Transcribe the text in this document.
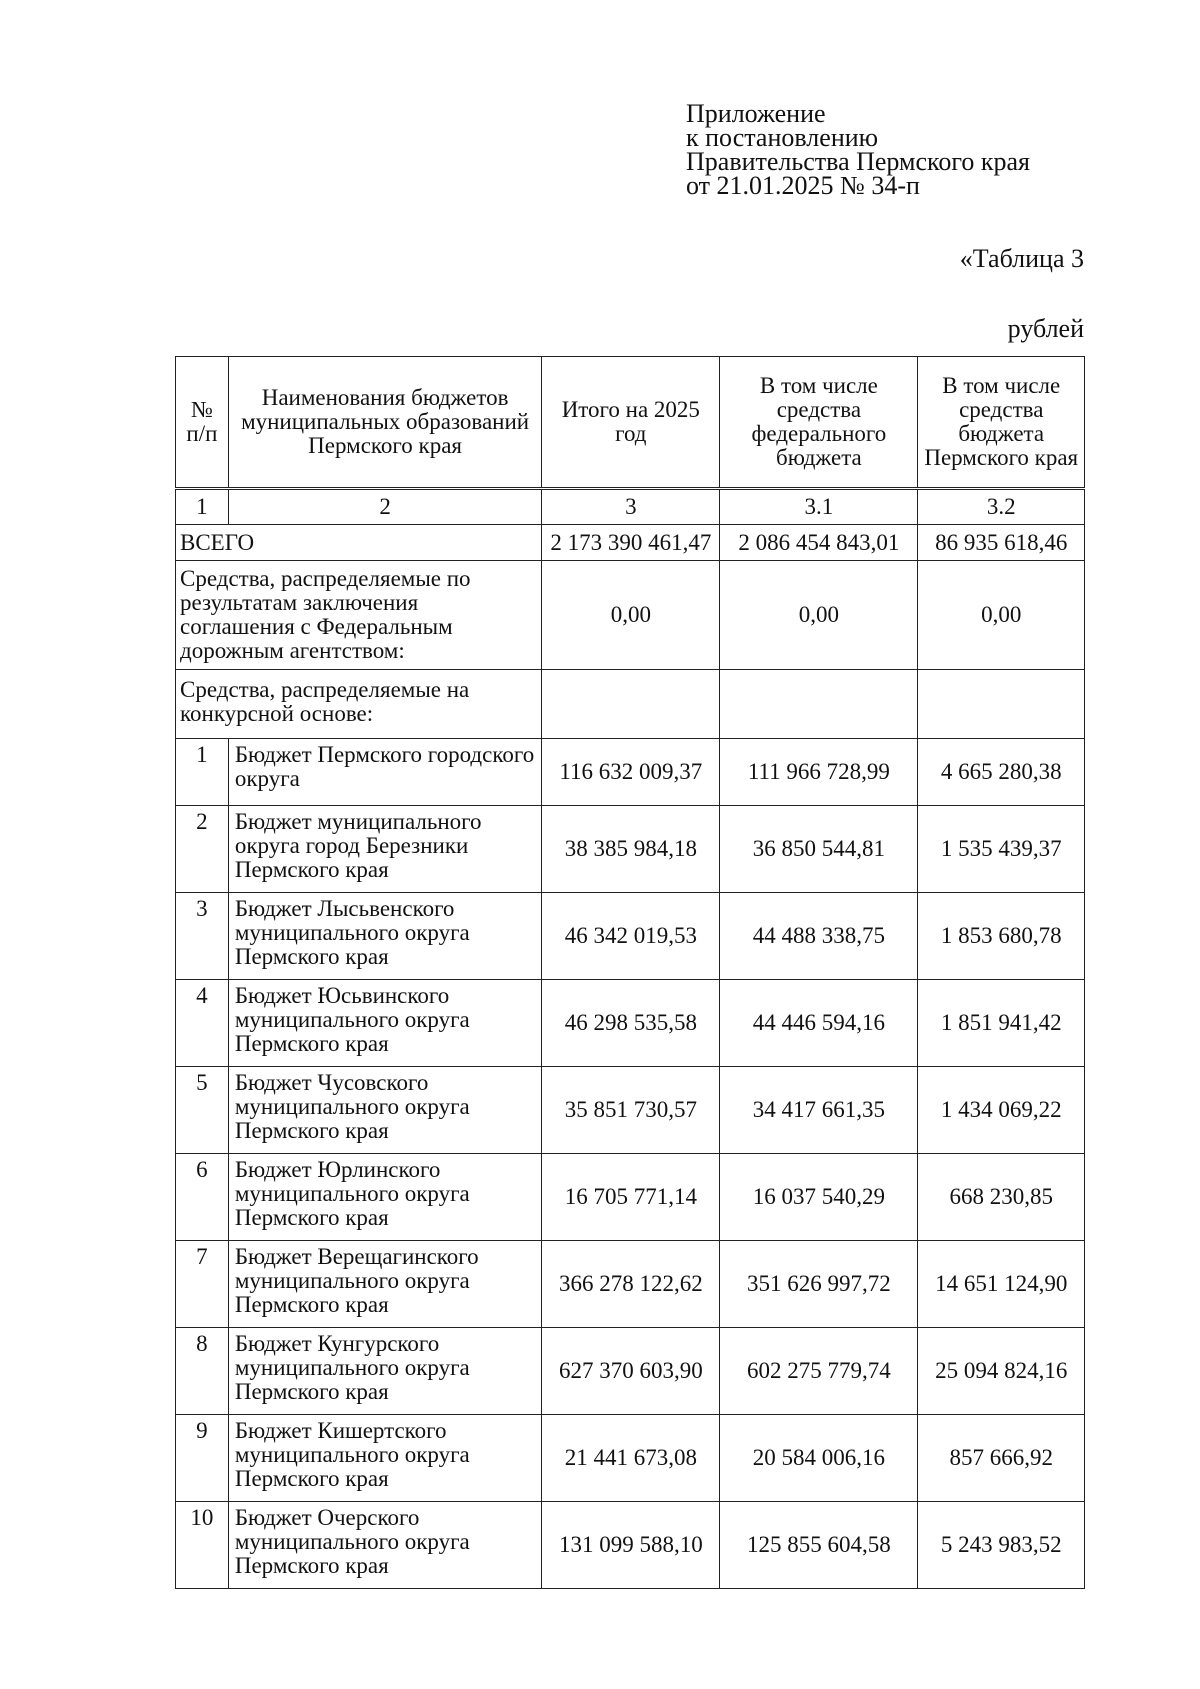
Приложение
к постановлению
Правительства Пермского края
от 21.01.2025 № 34-п
«Таблица 3
рублей
№ п/п	Наименования бюджетов муниципальных образований Пермского края	Итого на 2025 год	В том числе средства федерального бюджета	В том числе средства бюджета Пермского края
1	2	3	3.1	3.2
ВСЕГО		2 173 390 461,47	2 086 454 843,01	86 935 618,46
Средства, распределяемые по результатам заключения соглашения с Федеральным дорожным агентством:		0,00	0,00	0,00
Средства, распределяемые на конкурсной основе:				
1	Бюджет Пермского городского округа	116 632 009,37	111 966 728,99	4 665 280,38
2	Бюджет муниципального округа город Березники Пермского края	38 385 984,18	36 850 544,81	1 535 439,37
3	Бюджет Лысьвенского муниципального округа Пермского края	46 342 019,53	44 488 338,75	1 853 680,78
4	Бюджет Юсьвинского муниципального округа Пермского края	46 298 535,58	44 446 594,16	1 851 941,42
5	Бюджет Чусовского муниципального округа Пермского края	35 851 730,57	34 417 661,35	1 434 069,22
6	Бюджет Юрлинского муниципального округа Пермского края	16 705 771,14	16 037 540,29	668 230,85
7	Бюджет Верещагинского муниципального округа Пермского края	366 278 122,62	351 626 997,72	14 651 124,90
8	Бюджет Кунгурского муниципального округа Пермского края	627 370 603,90	602 275 779,74	25 094 824,16
9	Бюджет Кишертского муниципального округа Пермского края	21 441 673,08	20 584 006,16	857 666,92
10	Бюджет Очерского муниципального округа Пермского края	131 099 588,10	125 855 604,58	5 243 983,52
